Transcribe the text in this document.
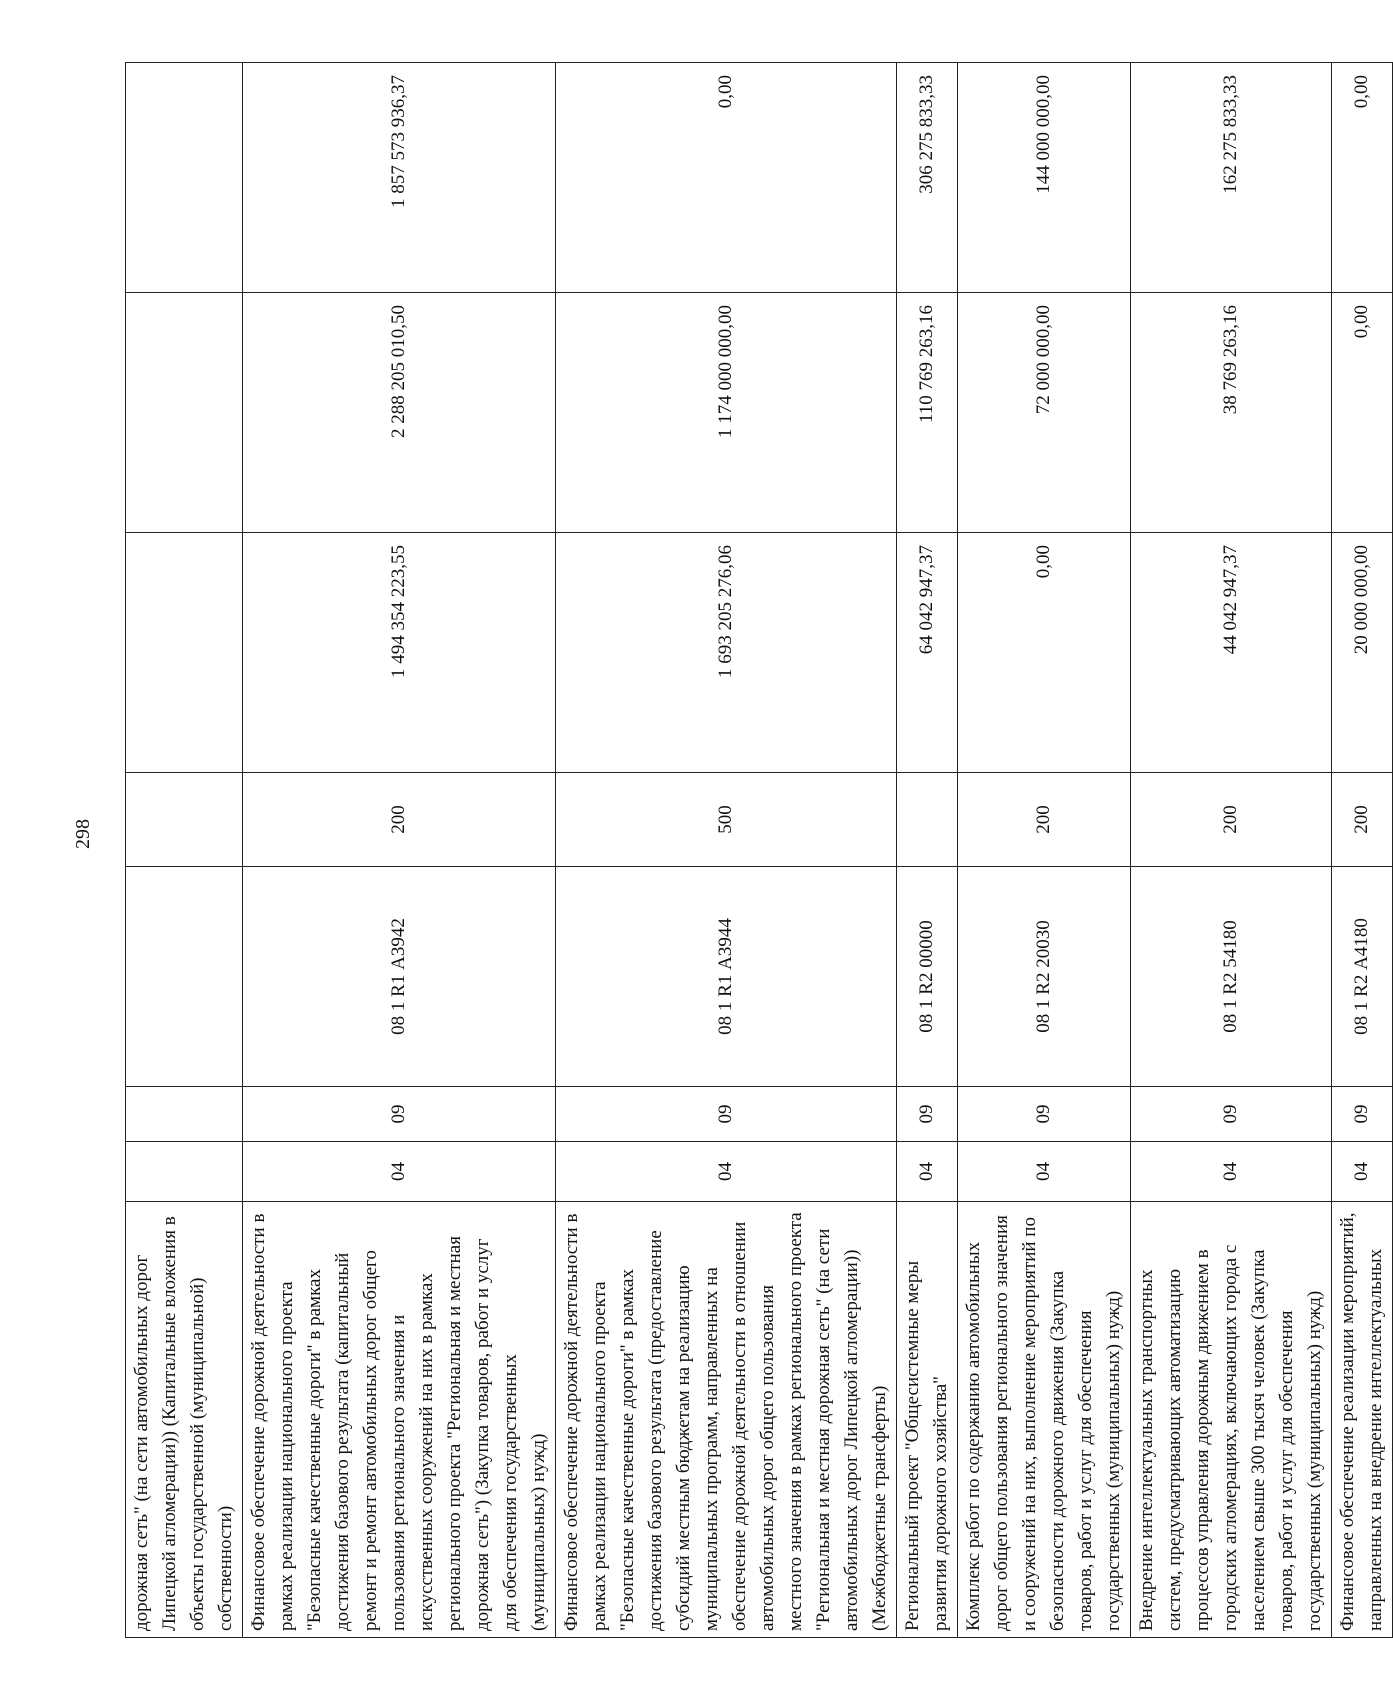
298
дорожная сеть" (на сети автомобильных дорог Липецкой агломерации)) (Капитальные вложения в объекты государственной (муниципальной) собственности)							
Финансовое обеспечение дорожной деятельности в рамках реализации национального проекта "Безопасные качественные дороги" в рамках достижения базового результата (капитальный ремонт и ремонт автомобильных дорог общего пользования регионального значения и искусственных сооружений на них в рамках регионального проекта "Региональная и местная дорожная сеть") (Закупка товаров, работ и услуг для обеспечения государственных (муниципальных) нужд)	04	09	08 1 R1 А3942	200	1 494 354 223,55	2 288 205 010,50	1 857 573 936,37
Финансовое обеспечение дорожной деятельности в рамках реализации национального проекта "Безопасные качественные дороги" в рамках достижения базового результата (предоставление субсидий местным бюджетам на реализацию муниципальных программ, направленных на обеспечение дорожной деятельности в отношении автомобильных дорог общего пользования местного значения в рамках регионального проекта "Региональная и местная дорожная сеть" (на сети автомобильных дорог Липецкой агломерации)) (Межбюджетные трансферты)	04	09	08 1 R1 А3944	500	1 693 205 276,06	1 174 000 000,00	0,00
Региональный проект "Общесистемные меры развития дорожного хозяйства"	04	09	08 1 R2 00000		64 042 947,37	110 769 263,16	306 275 833,33
Комплекс работ по содержанию автомобильных дорог общего пользования регионального значения и сооружений на них, выполнение мероприятий по безопасности дорожного движения (Закупка товаров, работ и услуг для обеспечения государственных (муниципальных) нужд)	04	09	08 1 R2 20030	200	0,00	72 000 000,00	144 000 000,00
Внедрение интеллектуальных транспортных систем, предусматривающих автоматизацию процессов управления дорожным движением в городских агломерациях, включающих города с населением свыше 300 тысяч человек (Закупка товаров, работ и услуг для обеспечения государственных (муниципальных) нужд)	04	09	08 1 R2 54180	200	44 042 947,37	38 769 263,16	162 275 833,33
Финансовое обеспечение реализации мероприятий, направленных на внедрение интеллектуальных	04	09	08 1 R2 А4180	200	20 000 000,00	0,00	0,00
